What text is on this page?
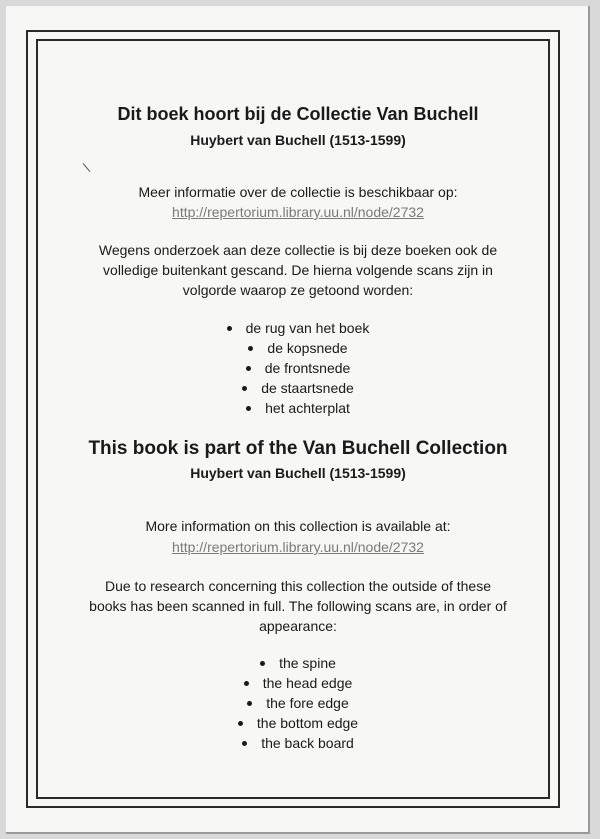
Dit boek hoort bij de Collectie Van Buchell
Huybert van Buchell (1513-1599)
Meer informatie over de collectie is beschikbaar op:
http://repertorium.library.uu.nl/node/2732
Wegens onderzoek aan deze collectie is bij deze boeken ook de
volledige buitenkant gescand. De hierna volgende scans zijn in
volgorde waarop ze getoond worden:
de rug van het boek
de kopsnede
de frontsnede
de staartsnede
het achterplat
This book is part of the Van Buchell Collection
Huybert van Buchell (1513-1599)
More information on this collection is available at:
http://repertorium.library.uu.nl/node/2732
Due to research concerning this collection the outside of these
books has been scanned in full. The following scans are, in order of
appearance:
the spine
the head edge
the fore edge
the bottom edge
the back board
